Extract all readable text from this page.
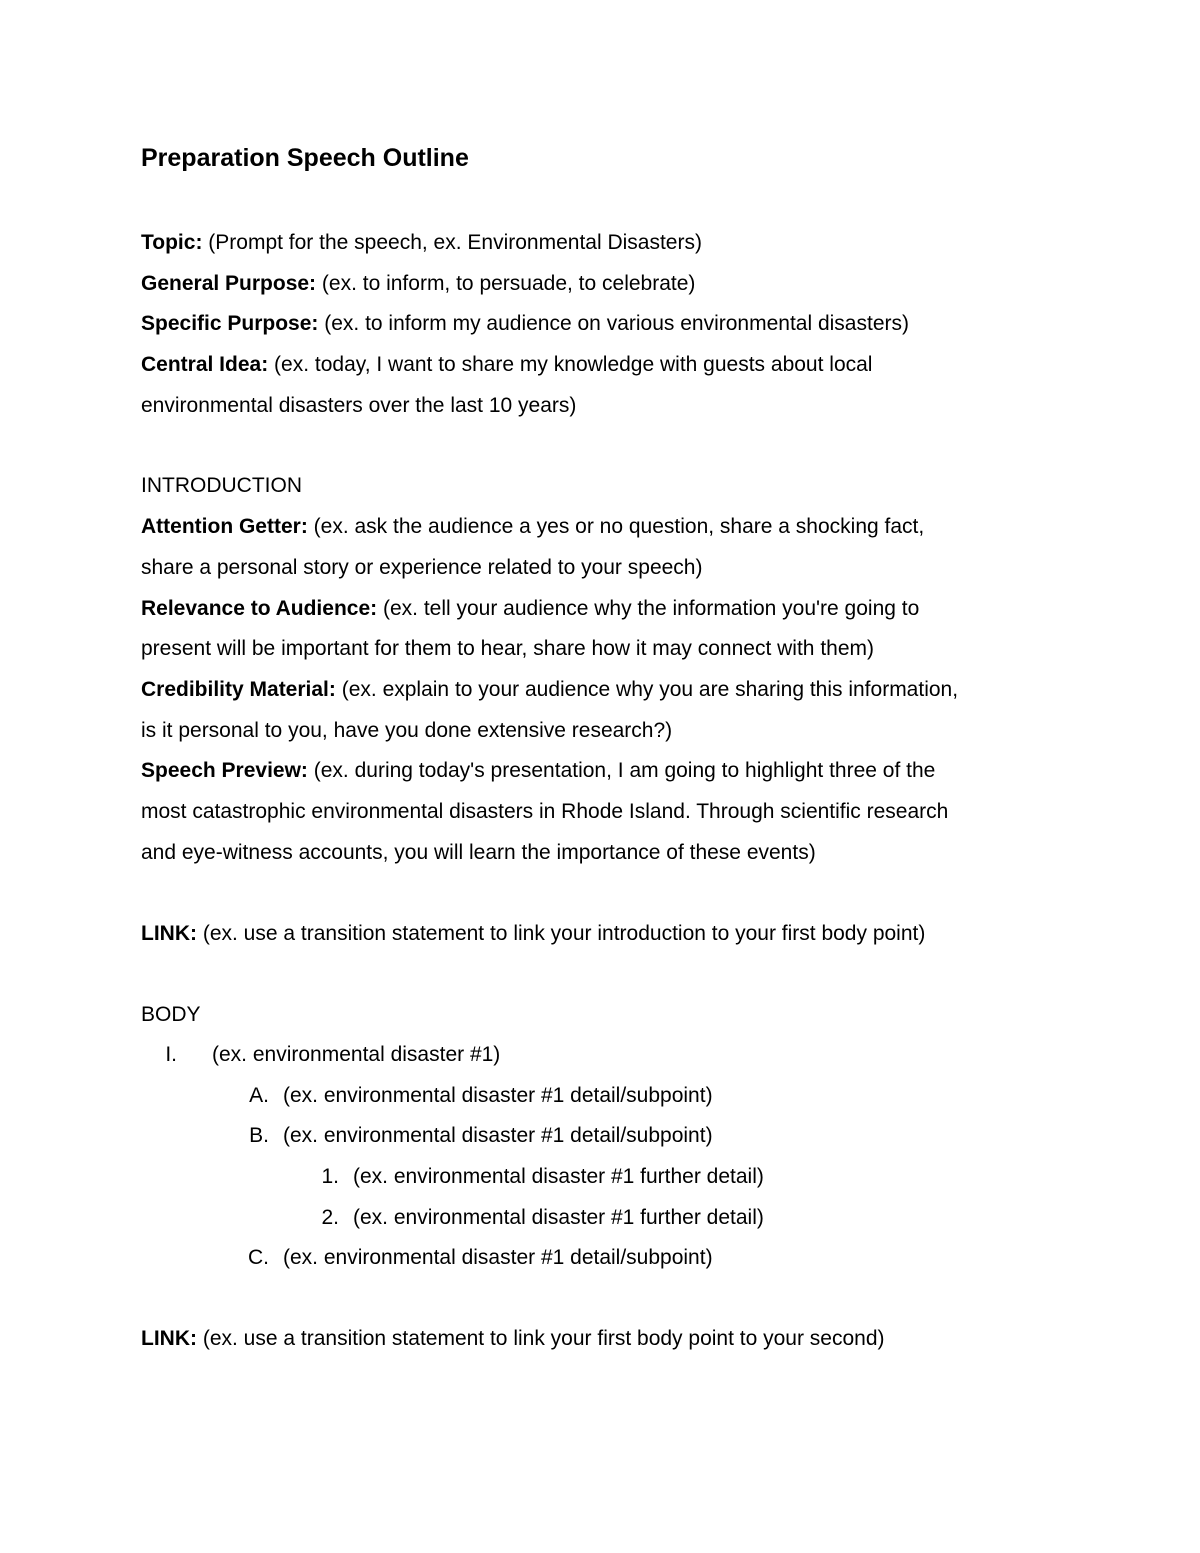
Preparation Speech Outline
Topic: (Prompt for the speech, ex. Environmental Disasters)
General Purpose: (ex. to inform, to persuade, to celebrate)
Specific Purpose: (ex. to inform my audience on various environmental disasters)
Central Idea: (ex. today, I want to share my knowledge with guests about local
environmental disasters over the last 10 years)
INTRODUCTION
Attention Getter: (ex. ask the audience a yes or no question, share a shocking fact,
share a personal story or experience related to your speech)
Relevance to Audience: (ex. tell your audience why the information you're going to
present will be important for them to hear, share how it may connect with them)
Credibility Material: (ex. explain to your audience why you are sharing this information,
is it personal to you, have you done extensive research?)
Speech Preview: (ex. during today's presentation, I am going to highlight three of the
most catastrophic environmental disasters in Rhode Island. Through scientific research
and eye-witness accounts, you will learn the importance of these events)
LINK: (ex. use a transition statement to link your introduction to your first body point)
BODY
I. (ex. environmental disaster #1)
A. (ex. environmental disaster #1 detail/subpoint)
B. (ex. environmental disaster #1 detail/subpoint)
1. (ex. environmental disaster #1 further detail)
2. (ex. environmental disaster #1 further detail)
C. (ex. environmental disaster #1 detail/subpoint)
LINK: (ex. use a transition statement to link your first body point to your second)
